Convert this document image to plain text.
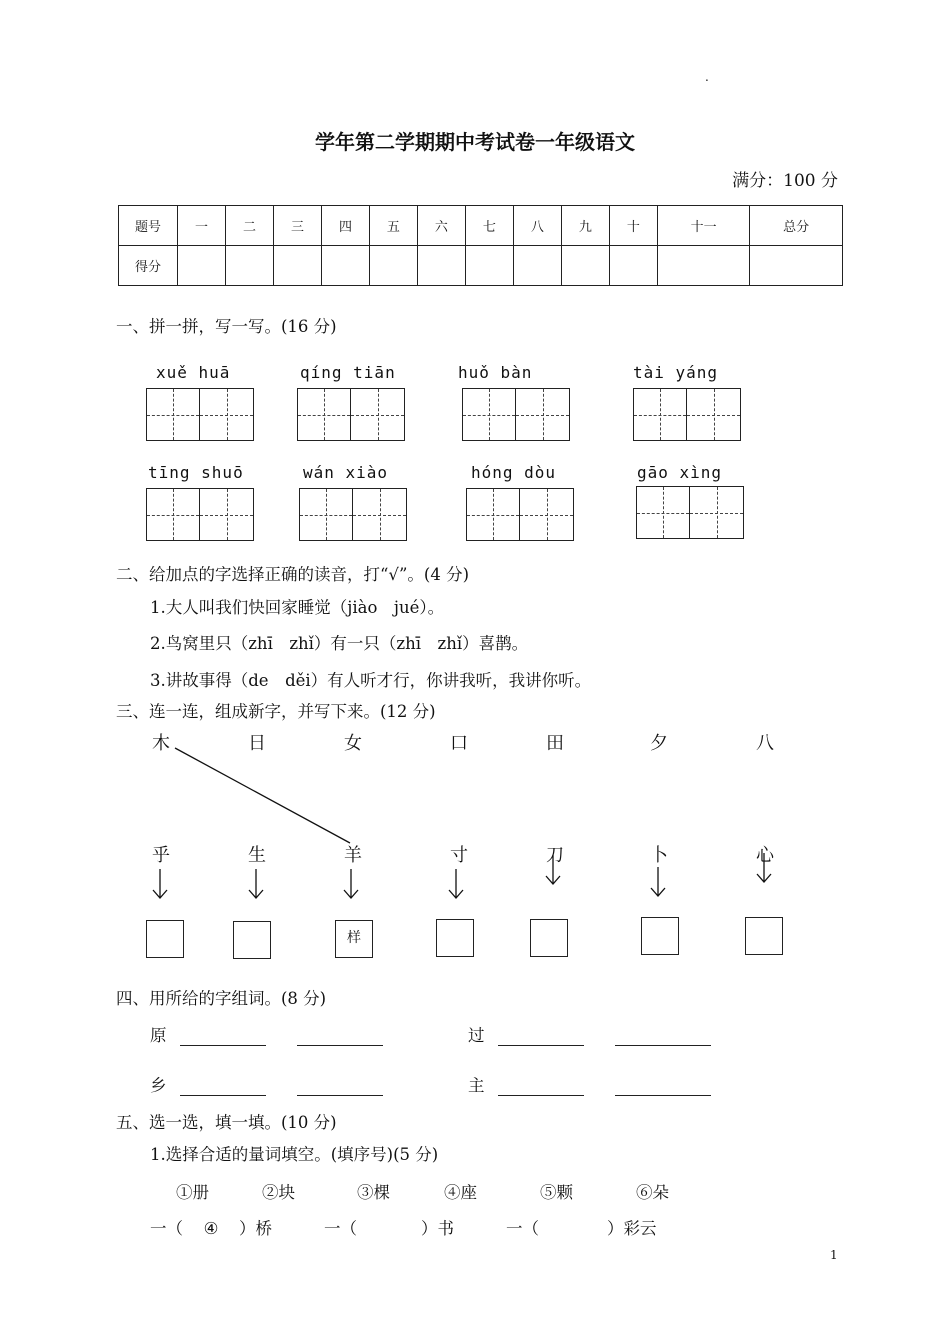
.
学年第二学期期中考试卷一年级语文
满分：100 分
题号	一	二	三	四	五	六	七	八	九	十	十一	总分
得分												
一、拼一拼，写一写。(16 分)
xuě huā	qíng tiān	huǒ bàn	tài yáng
tīng shuō	wán xiào	hóng dòu	gāo xìng
二、给加点的字选择正确的读音，打“√”。(4 分)
1.大人叫我们快回家睡觉（jiào　jué）。
2.鸟窝里只（zhī　zhǐ）有一只（zhī　zhǐ）喜鹊。
3.讲故事得（de　děi）有人听才行，你讲我听，我讲你听。
三、连一连，组成新字，并写下来。(12 分)
木	日	女	口	田	夕	八
乎	生	羊	寸	刀	卜	心
样
四、用所给的字组词。(8 分)
原	过
乡	主
五、选一选，填一填。(10 分)
1.选择合适的量词填空。(填序号)(5 分)
①册	②块	③棵	④座	⑤颗	⑥朵
一（ ④ ）桥	一（	）书	一（	）彩云
1
